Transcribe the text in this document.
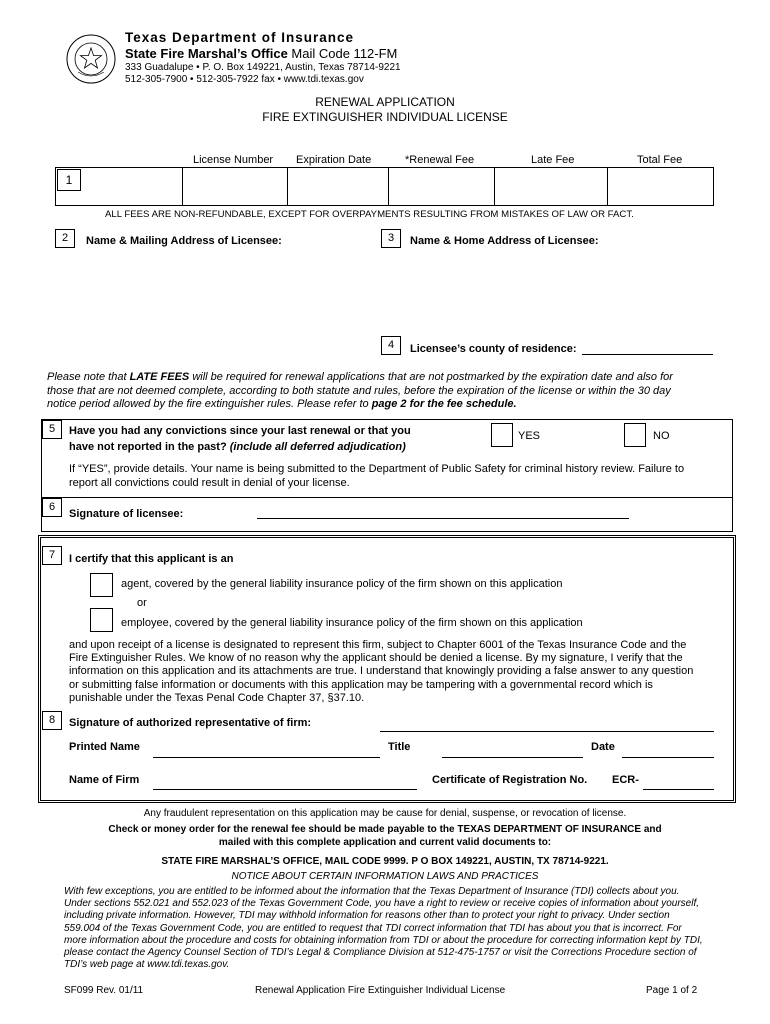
Texas Department of Insurance
State Fire Marshal’s Office Mail Code 112-FM
333 Guadalupe • P. O. Box 149221, Austin, Texas 78714-9221
512-305-7900 • 512-305-7922 fax • www.tdi.texas.gov
RENEWAL APPLICATION
FIRE EXTINGUISHER INDIVIDUAL LICENSE
License Number Expiration Date	*Renewal Fee	Late Fee	Total Fee
1
ALL FEES ARE NON-REFUNDABLE, EXCEPT FOR OVERPAYMENTS RESULTING FROM MISTAKES OF LAW OR FACT.
2	Name & Mailing Address of Licensee:	3	Name & Home Address of Licensee:
4	Licensee’s county of residence:
Please note that LATE FEES will be required for renewal applications that are not postmarked by the expiration date and also for
those that are not deemed complete, according to both statute and rules, before the expiration of the license or within the 30 day
notice period allowed by the fire extinguisher rules. Please refer to page 2 for the fee schedule.
5	Have you had any convictions since your last renewal or that you
have not reported in the past? (include all deferred adjudication)
YES	NO
If “YES”, provide details. Your name is being submitted to the Department of Public Safety for criminal history review. Failure to
report all convictions could result in denial of your license.
6
Signature of licensee:
7	I certify that this applicant is an
agent, covered by the general liability insurance policy of the firm shown on this application
or
employee, covered by the general liability insurance policy of the firm shown on this application
and upon receipt of a license is designated to represent this firm, subject to Chapter 6001 of the Texas Insurance Code and the
Fire Extinguisher Rules. We know of no reason why the applicant should be denied a license. By my signature, I verify that the
information on this application and its attachments are true. I understand that knowingly providing a false answer to any question
or submitting false information or documents with this application may be tampering with a governmental record which is
punishable under the Texas Penal Code Chapter 37, §37.10.
8	Signature of authorized representative of firm:
Printed Name	Title	Date
Name of Firm	Certificate of Registration No. ECR-
Any fraudulent representation on this application may be cause for denial, suspense, or revocation of license.
Check or money order for the renewal fee should be made payable to the TEXAS DEPARTMENT OF INSURANCE and
mailed with this complete application and current valid documents to:
STATE FIRE MARSHAL’S OFFICE, MAIL CODE 9999. P O BOX 149221, AUSTIN, TX 78714-9221.
NOTICE ABOUT CERTAIN INFORMATION LAWS AND PRACTICES
With few exceptions, you are entitled to be informed about the information that the Texas Department of Insurance (TDI) collects about you.
Under sections 552.021 and 552.023 of the Texas Government Code, you have a right to review or receive copies of information about yourself,
including private information. However, TDI may withhold information for reasons other than to protect your right to privacy. Under section
559.004 of the Texas Government Code, you are entitled to request that TDI correct information that TDI has about you that is incorrect. For
more information about the procedure and costs for obtaining information from TDI or about the procedure for correcting information kept by TDI,
please contact the Agency Counsel Section of TDI’s Legal & Compliance Division at 512-475-1757 or visit the Corrections Procedure section of
TDI’s web page at www.tdi.texas.gov.
SF099 Rev. 01/11	Renewal Application Fire Extinguisher Individual License	Page 1 of 2
